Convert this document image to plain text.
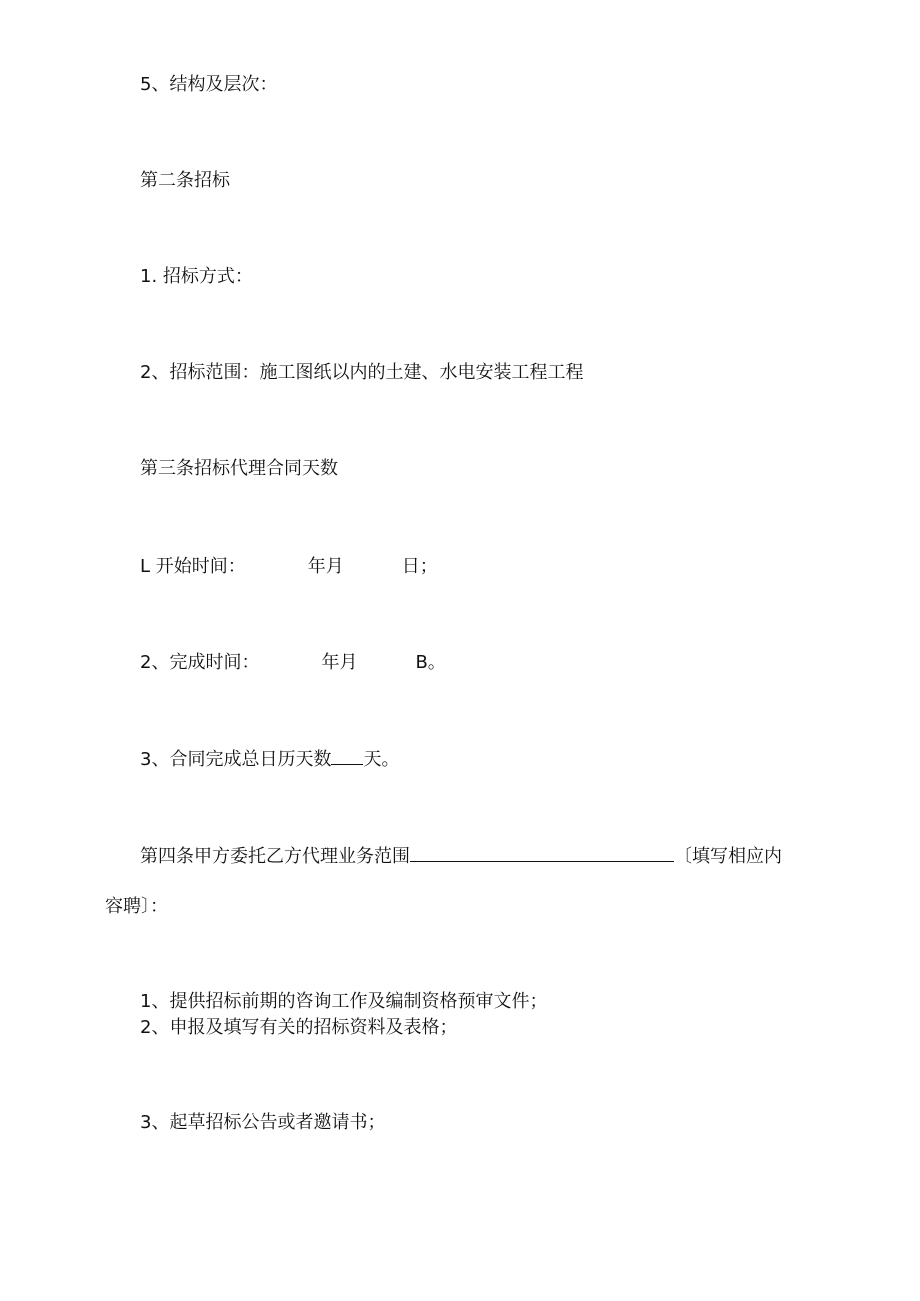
5、结构及层次：
第二条招标
1. 招标方式：
2、招标范围：施工图纸以内的土建、水电安装工程工程
第三条招标代理合同天数
L 开始时间：	年月	日；
2、完成时间：	年月	B。
3、合同完成总日历天数 天。
第四条甲方委托乙方代理业务范围	〔填写相应内
容聘〕：
1、提供招标前期的咨询工作及编制资格预审文件；
2、申报及填写有关的招标资料及表格；
3、起草招标公告或者邀请书；
